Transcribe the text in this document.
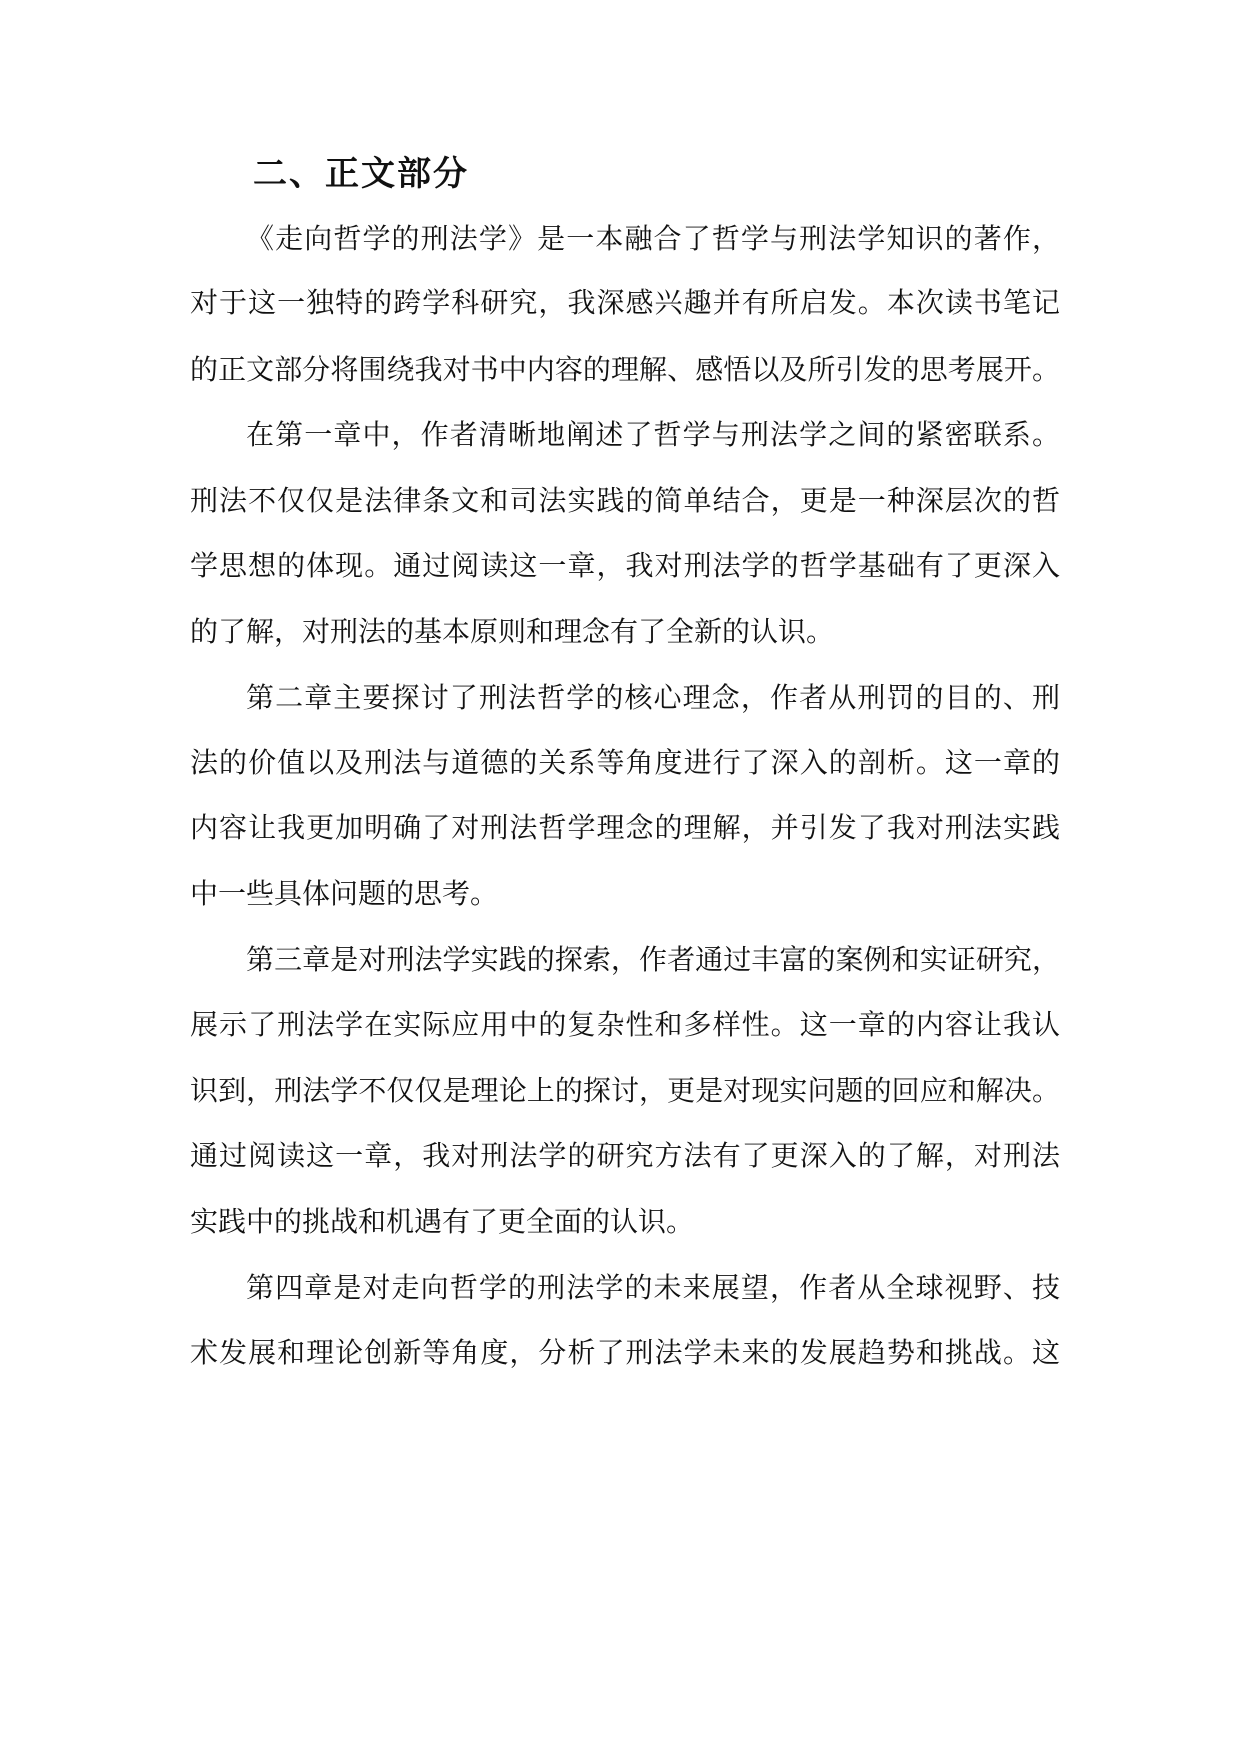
二、正文部分
《走向哲学的刑法学》是一本融合了哲学与刑法学知识的著作，
对于这一独特的跨学科研究，我深感兴趣并有所启发。本次读书笔记
的正文部分将围绕我对书中内容的理解、感悟以及所引发的思考展开。
在第一章中，作者清晰地阐述了哲学与刑法学之间的紧密联系。
刑法不仅仅是法律条文和司法实践的简单结合，更是一种深层次的哲
学思想的体现。通过阅读这一章，我对刑法学的哲学基础有了更深入
的了解，对刑法的基本原则和理念有了全新的认识。
第二章主要探讨了刑法哲学的核心理念，作者从刑罚的目的、刑
法的价值以及刑法与道德的关系等角度进行了深入的剖析。这一章的
内容让我更加明确了对刑法哲学理念的理解，并引发了我对刑法实践
中一些具体问题的思考。
第三章是对刑法学实践的探索，作者通过丰富的案例和实证研究，
展示了刑法学在实际应用中的复杂性和多样性。这一章的内容让我认
识到，刑法学不仅仅是理论上的探讨，更是对现实问题的回应和解决。
通过阅读这一章，我对刑法学的研究方法有了更深入的了解，对刑法
实践中的挑战和机遇有了更全面的认识。
第四章是对走向哲学的刑法学的未来展望，作者从全球视野、技
术发展和理论创新等角度，分析了刑法学未来的发展趋势和挑战。这
